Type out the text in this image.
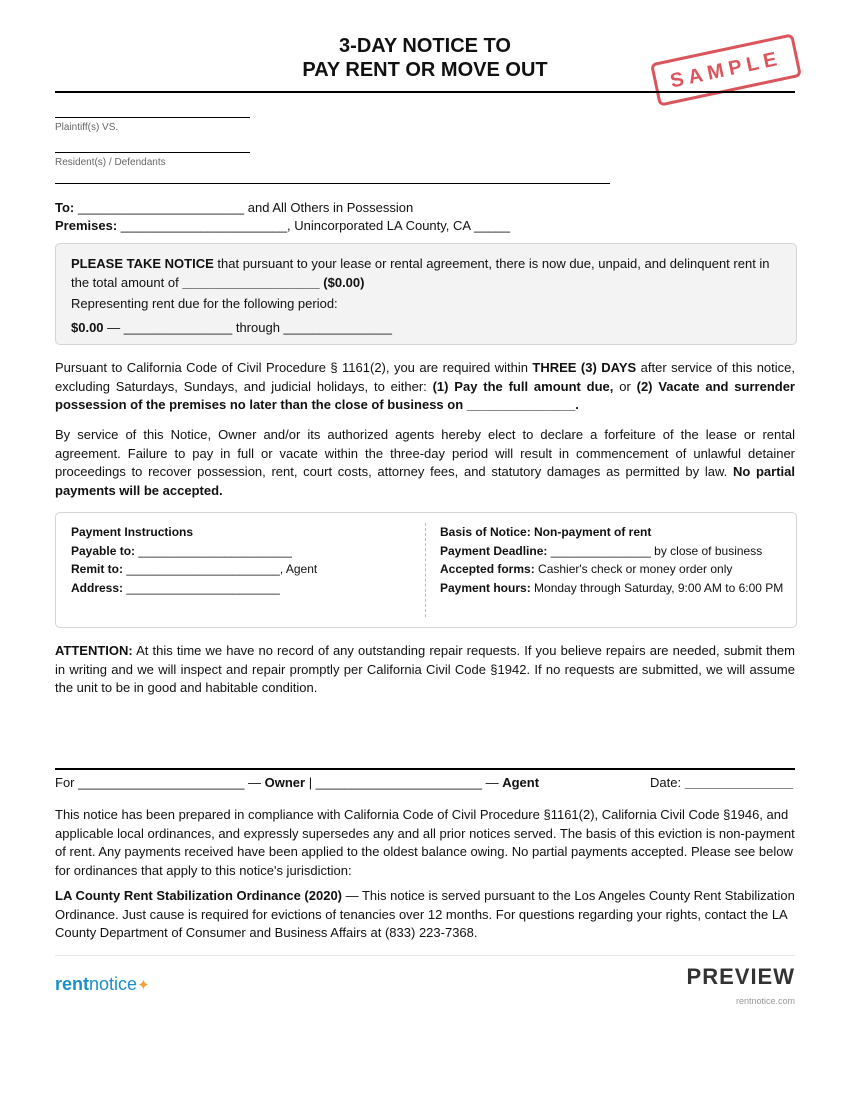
3-DAY NOTICE TO
PAY RENT OR MOVE OUT	SAMPLE
Plaintiff(s) VS.
Resident(s) / Defendants
To: _______________________ and All Others in Possession
Premises: _______________________, Unincorporated LA County, CA _____
PLEASE TAKE NOTICE that pursuant to your lease or rental agreement, there is now due, unpaid, and delinquent rent in the total amount of ___________________ ($0.00)
Representing rent due for the following period:
$0.00 — _______________ through _______________
Pursuant to California Code of Civil Procedure § 1161(2), you are required within THREE (3) DAYS after service of this notice, excluding Saturdays, Sundays, and judicial holidays, to either: (1) Pay the full amount due, or (2) Vacate and surrender possession of the premises no later than the close of business on _______________.
By service of this Notice, Owner and/or its authorized agents hereby elect to declare a forfeiture of the lease or rental agreement. Failure to pay in full or vacate within the three-day period will result in commencement of unlawful detainer proceedings to recover possession, rent, court costs, attorney fees, and statutory damages as permitted by law. No partial payments will be accepted.
Payment Instructions
Payable to: _______________________
Remit to: _______________________, Agent
Address: _______________________
Basis of Notice: Non-payment of rent
Payment Deadline: _______________ by close of business
Accepted forms: Cashier's check or money order only
Payment hours: Monday through Saturday, 9:00 AM to 6:00 PM
ATTENTION: At this time we have no record of any outstanding repair requests. If you believe repairs are needed, submit them in writing and we will inspect and repair promptly per California Civil Code §1942. If no requests are submitted, we will assume the unit to be in good and habitable condition.
For _______________________ — Owner | _______________________ — Agent	Date: _______________
This notice has been prepared in compliance with California Code of Civil Procedure §1161(2), California Civil Code §1946, and applicable local ordinances, and expressly supersedes any and all prior notices served. The basis of this eviction is non-payment of rent. Any payments received have been applied to the oldest balance owing. No partial payments accepted. Please see below for ordinances that apply to this notice's jurisdiction:
LA County Rent Stabilization Ordinance (2020) — This notice is served pursuant to the Los Angeles County Rent Stabilization Ordinance. Just cause is required for evictions of tenancies over 12 months. For questions regarding your rights, contact the LA County Department of Consumer and Business Affairs at (833) 223-7368.
rentnotice✦	PREVIEW
rentnotice.com
